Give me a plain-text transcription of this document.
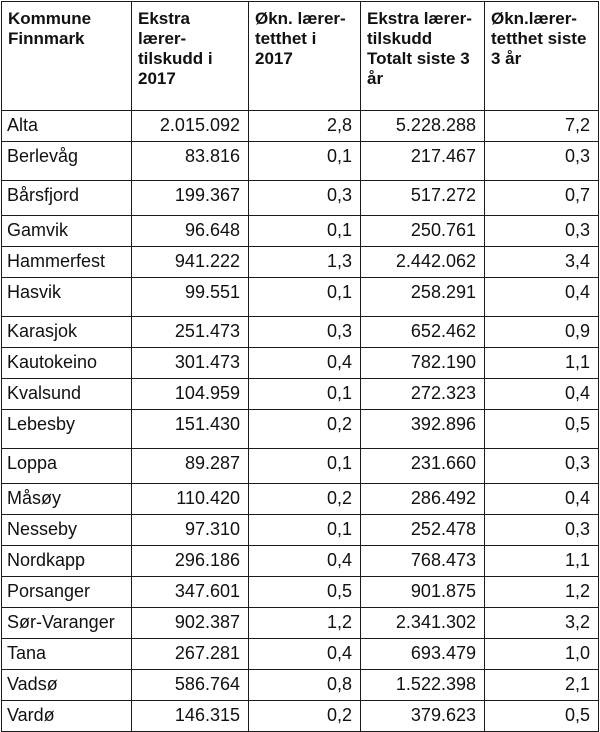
Kommune Finnmark	Ekstra lærer-tilskudd i 2017	Økn. lærer-tetthet i 2017	Ekstra lærer-tilskudd Totalt siste 3 år	Økn.lærer-tetthet siste 3 år
Alta	2.015.092	2,8	5.228.288	7,2
Berlevåg	83.816	0,1	217.467	0,3
Bårsfjord	199.367	0,3	517.272	0,7
Gamvik	96.648	0,1	250.761	0,3
Hammerfest	941.222	1,3	2.442.062	3,4
Hasvik	99.551	0,1	258.291	0,4
Karasjok	251.473	0,3	652.462	0,9
Kautokeino	301.473	0,4	782.190	1,1
Kvalsund	104.959	0,1	272.323	0,4
Lebesby	151.430	0,2	392.896	0,5
Loppa	89.287	0,1	231.660	0,3
Måsøy	110.420	0,2	286.492	0,4
Nesseby	97.310	0,1	252.478	0,3
Nordkapp	296.186	0,4	768.473	1,1
Porsanger	347.601	0,5	901.875	1,2
Sør-Varanger	902.387	1,2	2.341.302	3,2
Tana	267.281	0,4	693.479	1,0
Vadsø	586.764	0,8	1.522.398	2,1
Vardø	146.315	0,2	379.623	0,5
